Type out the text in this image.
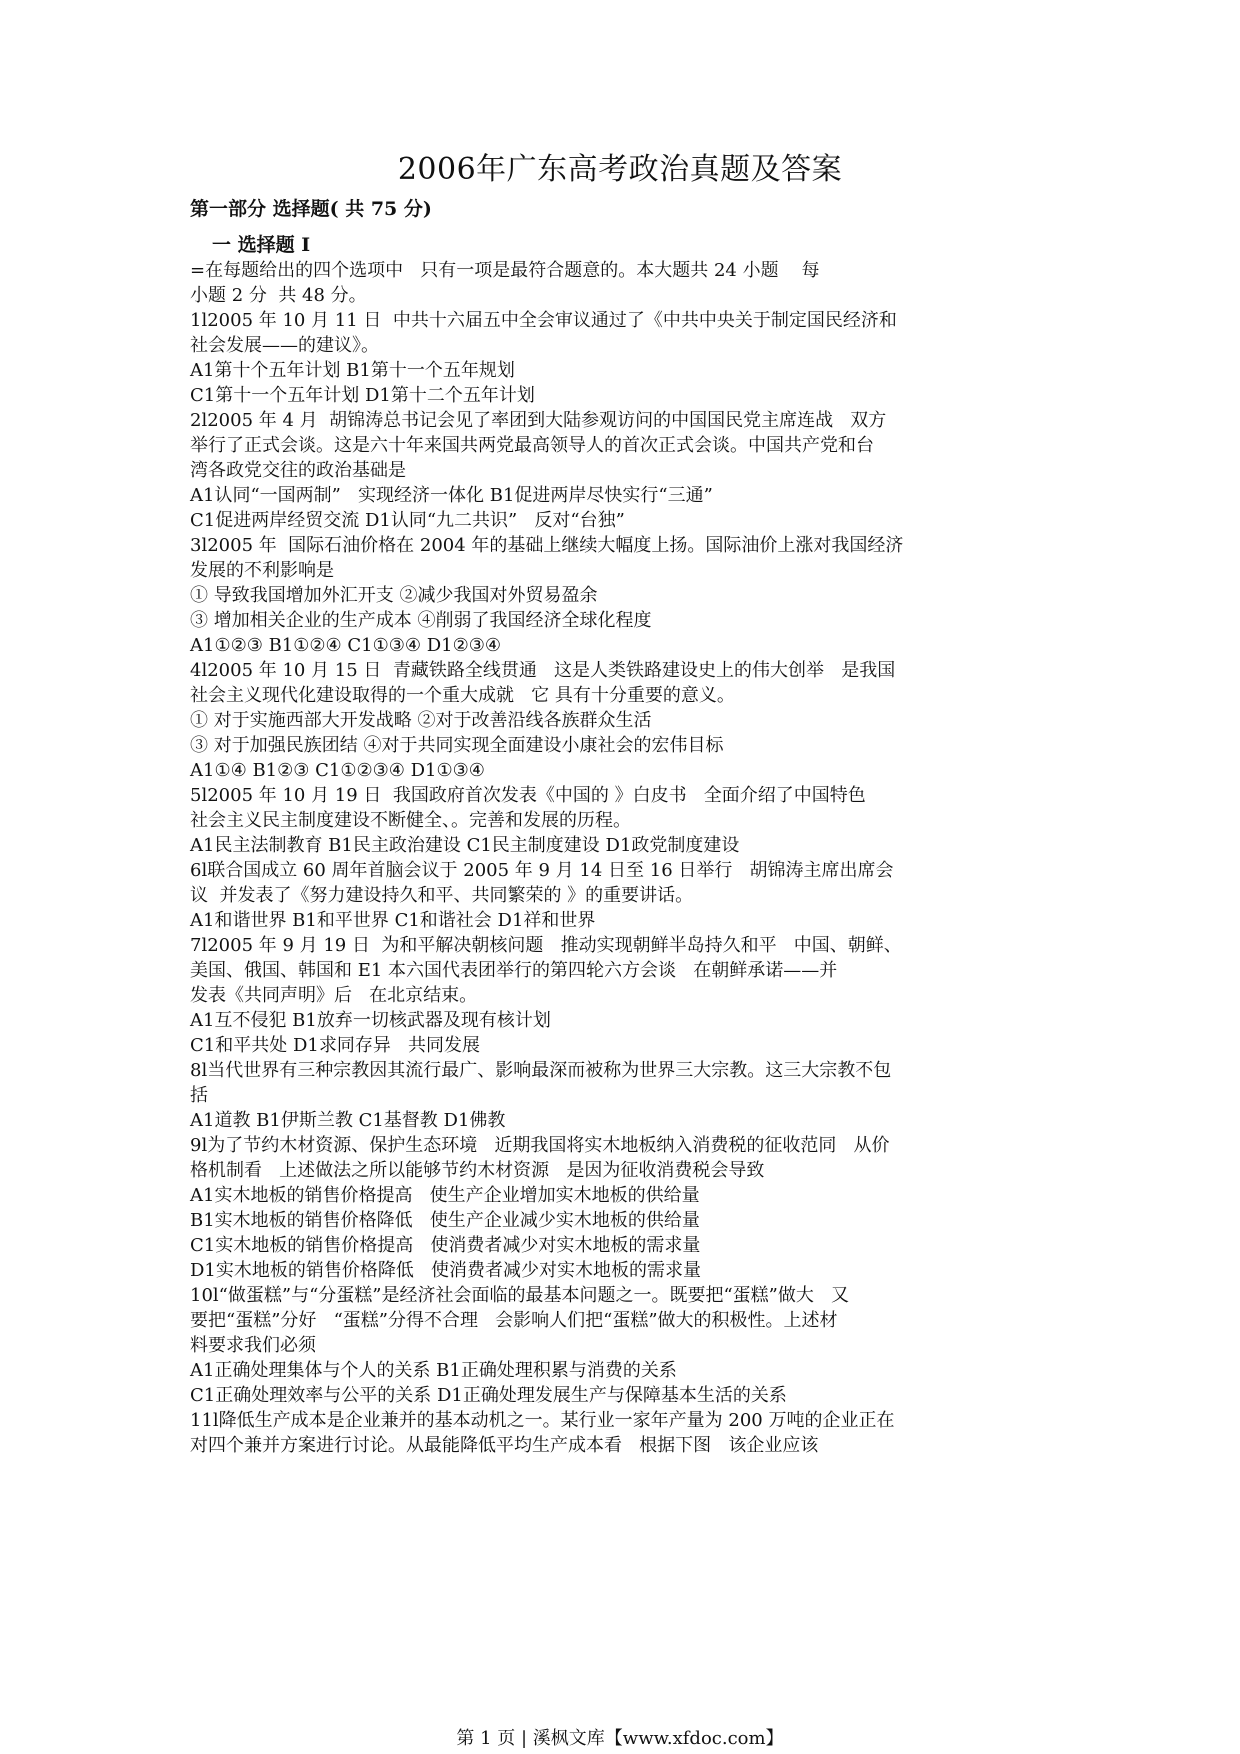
2006年广东高考政治真题及答案
第一部分 选择题( 共 75 分)
一 选择题 I
=在每题给出的四个选项中   只有一项是最符合题意的。本大题共 24 小题    每
小题 2 分  共 48 分。
1l2005 年 10 月 11 日  中共十六届五中全会审议通过了《中共中央关于制定国民经济和
社会发展——的建议》。
A1第十个五年计划 B1第十一个五年规划
C1第十一个五年计划 D1第十二个五年计划
2l2005 年 4 月  胡锦涛总书记会见了率团到大陆参观访问的中国国民党主席连战   双方
举行了正式会谈。这是六十年来国共两党最高领导人的首次正式会谈。中国共产党和台
湾各政党交往的政治基础是
A1认同“一国两制”   实现经济一体化 B1促进两岸尽快实行“三通”
C1促进两岸经贸交流 D1认同“九二共识”   反对“台独”
3l2005 年  国际石油价格在 2004 年的基础上继续大幅度上扬。国际油价上涨对我国经济
发展的不利影响是
① 导致我国增加外汇开支 ②减少我国对外贸易盈余
③ 增加相关企业的生产成本 ④削弱了我国经济全球化程度
A1①②③ B1①②④ C1①③④ D1②③④
4l2005 年 10 月 15 日  青藏铁路全线贯通   这是人类铁路建设史上的伟大创举   是我国
社会主义现代化建设取得的一个重大成就   它 具有十分重要的意义。
① 对于实施西部大开发战略 ②对于改善沿线各族群众生活
③ 对于加强民族团结 ④对于共同实现全面建设小康社会的宏伟目标
A1①④ B1②③ C1①②③④ D1①③④
5l2005 年 10 月 19 日  我国政府首次发表《中国的 》白皮书   全面介绍了中国特色
社会主义民主制度建设不断健全、。完善和发展的历程。
A1民主法制教育 B1民主政治建设 C1民主制度建设 D1政党制度建设
6l联合国成立 60 周年首脑会议于 2005 年 9 月 14 日至 16 日举行   胡锦涛主席出席会
议  并发表了《努力建设持久和平、共同繁荣的 》的重要讲话。
A1和谐世界 B1和平世界 C1和谐社会 D1祥和世界
7l2005 年 9 月 19 日  为和平解决朝核问题   推动实现朝鲜半岛持久和平   中国、朝鲜、
美国、俄国、韩国和 E1 本六国代表团举行的第四轮六方会谈   在朝鲜承诺——并
发表《共同声明》后   在北京结束。
A1互不侵犯 B1放弃一切核武器及现有核计划
C1和平共处 D1求同存异   共同发展
8l当代世界有三种宗教因其流行最广、影响最深而被称为世界三大宗教。这三大宗教不包
括
A1道教 B1伊斯兰教 C1基督教 D1佛教
9l为了节约木材资源、保护生态环境   近期我国将实木地板纳入消费税的征收范同   从价
格机制看   上述做法之所以能够节约木材资源   是因为征收消费税会导致
A1实木地板的销售价格提高   使生产企业增加实木地板的供给量
B1实木地板的销售价格降低   使生产企业减少实木地板的供给量
C1实木地板的销售价格提高   使消费者减少对实木地板的需求量
D1实木地板的销售价格降低   使消费者减少对实木地板的需求量
10l“做蛋糕”与“分蛋糕”是经济社会面临的最基本问题之一。既要把“蛋糕”做大   又
要把“蛋糕”分好   “蛋糕”分得不合理   会影响人们把“蛋糕”做大的积极性。上述材
料要求我们必须
A1正确处理集体与个人的关系 B1正确处理积累与消费的关系
C1正确处理效率与公平的关系 D1正确处理发展生产与保障基本生活的关系
11l降低生产成本是企业兼并的基本动机之一。某行业一家年产量为 200 万吨的企业正在
对四个兼并方案进行讨论。从最能降低平均生产成本看   根据下图   该企业应该
第 1 页 | 溪枫文库【www.xfdoc.com】
